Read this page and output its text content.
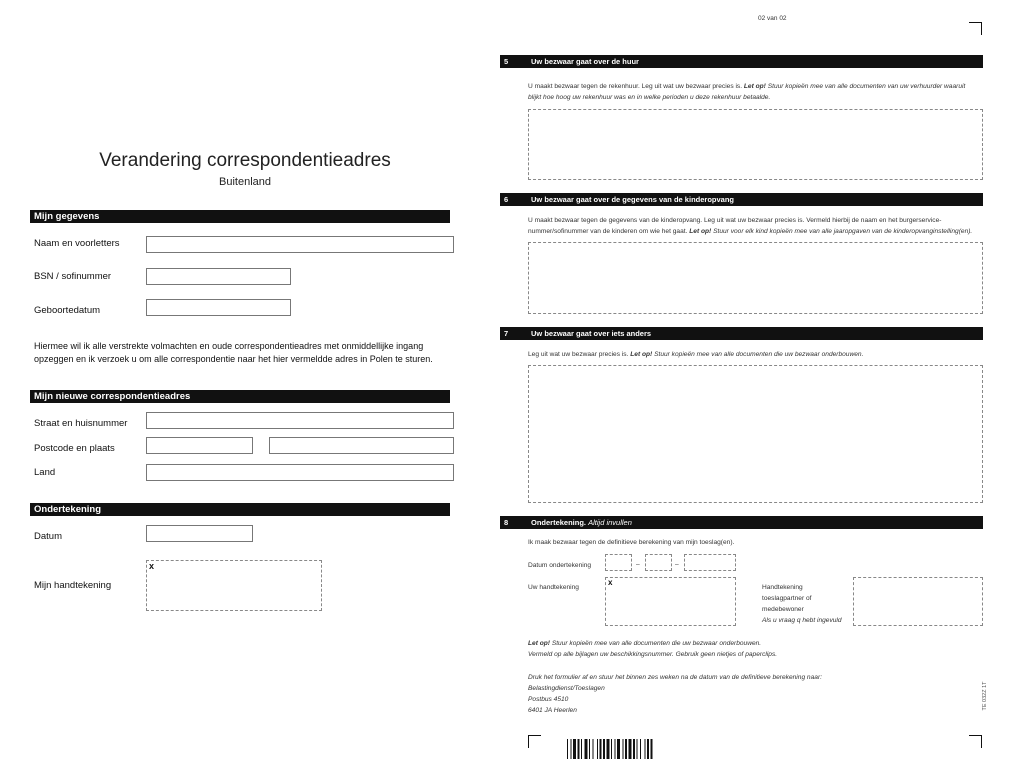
Verandering correspondentieadres
Buitenland
Mijn gegevens
Naam en voorletters
BSN / sofinummer
Geboortedatum
Hiermee wil ik alle verstrekte volmachten en oude correspondentieadres met onmiddellijke ingang
opzeggen en ik verzoek u om alle correspondentie naar het hier vermeldde adres in Polen te sturen.
Mijn nieuwe correspondentieadres
Straat en huisnummer
Postcode en plaats
Land
Ondertekening
Datum
Mijn handtekening
x
02 van 02
5	Uw bezwaar gaat over de huur
U maakt bezwaar tegen de rekenhuur. Leg uit wat uw bezwaar precies is. Let op! Stuur kopieën mee van alle documenten van uw verhuurder waaruit
blijkt hoe hoog uw rekenhuur was en in welke perioden u deze rekenhuur betaalde.
6	Uw bezwaar gaat over de gegevens van de kinderopvang
U maakt bezwaar tegen de gegevens van de kinderopvang. Leg uit wat uw bezwaar precies is. Vermeld hierbij de naam en het burgerservice-
nummer/sofinummer van de kinderen om wie het gaat. Let op! Stuur voor elk kind kopieën mee van alle jaaropgaven van de kinderopvanginstelling(en).
7	Uw bezwaar gaat over iets anders
Leg uit wat uw bezwaar precies is. Let op! Stuur kopieën mee van alle documenten die uw bezwaar onderbouwen.
8	Ondertekening. Altijd invullen
Ik maak bezwaar tegen de definitieve berekening van mijn toeslag(en).
Datum ondertekening	–	–
Uw handtekening
x
Handtekening
toeslagpartner of
medebewoner
Als u vraag q hebt ingevuld
Let op! Stuur kopieën mee van alle documenten die uw bezwaar onderbouwen.
Vermeld op alle bijlagen uw beschikkingsnummer. Gebruik geen nietjes of paperclips.
Druk het formulier af en stuur het binnen zes weken na de datum van de definitieve berekening naar:
Belastingdienst/Toeslagen
Postbus 4510
6401 JA Heerlen	TE 032Z 1T
